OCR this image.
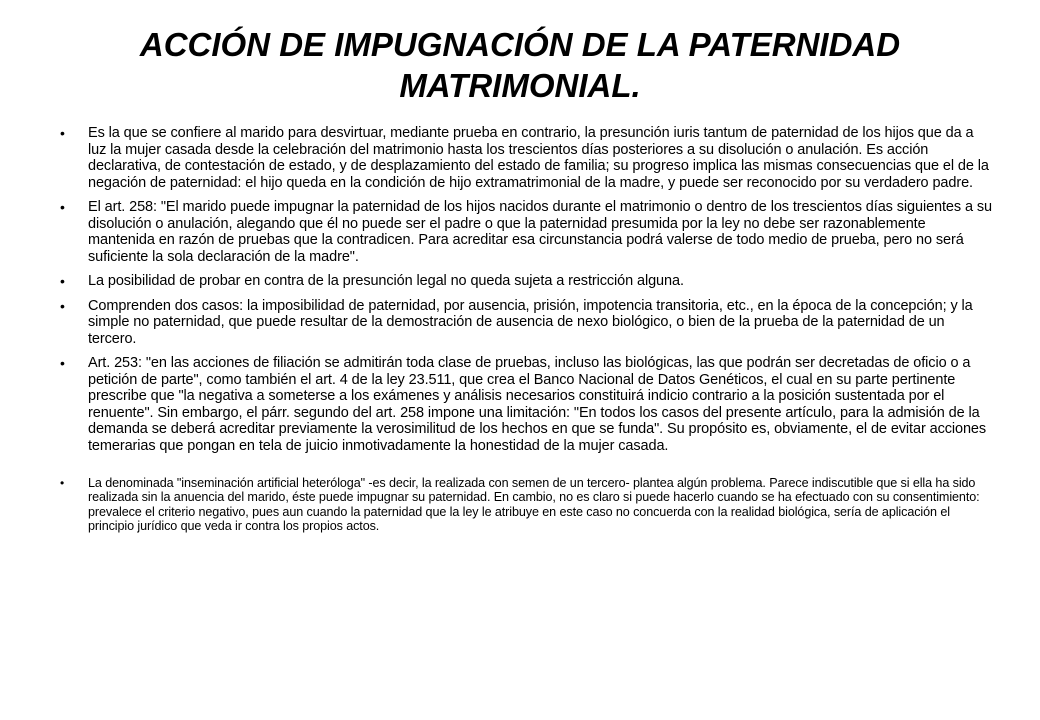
ACCIÓN DE IMPUGNACIÓN DE LA PATERNIDAD MATRIMONIAL.
• Es la que se confiere al marido para desvirtuar, mediante prueba en contrario, la presunción iuris tantum de paternidad de los hijos que da a luz la mujer casada desde la celebración del matrimonio hasta los trescientos días posteriores a su disolución o anulación. Es acción declarativa, de contestación de estado, y de desplazamiento del estado de familia; su progreso implica las mismas consecuencias que el de la negación de paternidad: el hijo queda en la condición de hijo extramatrimonial de la madre, y puede ser reconocido por su verdadero padre.
• El art. 258: "El marido puede impugnar la paternidad de los hijos nacidos durante el matrimonio o dentro de los trescientos días siguientes a su disolución o anulación, alegando que él no puede ser el padre o que la paternidad presumida por la ley no debe ser razonablemente mantenida en razón de pruebas que la contradicen. Para acreditar esa circunstancia podrá valerse de todo medio de prueba, pero no será suficiente la sola declaración de la madre".
• La posibilidad de probar en contra de la presunción legal no queda sujeta a restricción alguna.
• Comprenden dos casos: la imposibilidad de paternidad, por ausencia, prisión, impotencia transitoria, etc., en la época de la concepción; y la simple no paternidad, que puede resultar de la demostración de ausencia de nexo biológico, o bien de la prueba de la paternidad de un tercero.
• Art. 253: "en las acciones de filiación se admitirán toda clase de pruebas, incluso las biológicas, las que podrán ser decretadas de oficio o a petición de parte", como también el art. 4 de la ley 23.511, que crea el Banco Nacional de Datos Genéticos, el cual en su parte pertinente prescribe que "la negativa a someterse a los exámenes y análisis necesarios constituirá indicio contrario a la posición sustentada por el renuente". Sin embargo, el párr. segundo del art. 258 impone una limitación: "En todos los casos del presente artículo, para la admisión de la demanda se deberá acreditar previamente la verosimilitud de los hechos en que se funda". Su propósito es, obviamente, el de evitar acciones temerarias que pongan en tela de juicio inmotivadamente la honestidad de la mujer casada.
• La denominada "inseminación artificial heteróloga" -es decir, la realizada con semen de un tercero- plantea algún problema. Parece indiscutible que si ella ha sido realizada sin la anuencia del marido, éste puede impugnar su paternidad. En cambio, no es claro si puede hacerlo cuando se ha efectuado con su consentimiento: prevalece el criterio negativo, pues aun cuando la paternidad que la ley le atribuye en este caso no concuerda con la realidad biológica, sería de aplicación el principio jurídico que veda ir contra los propios actos.
